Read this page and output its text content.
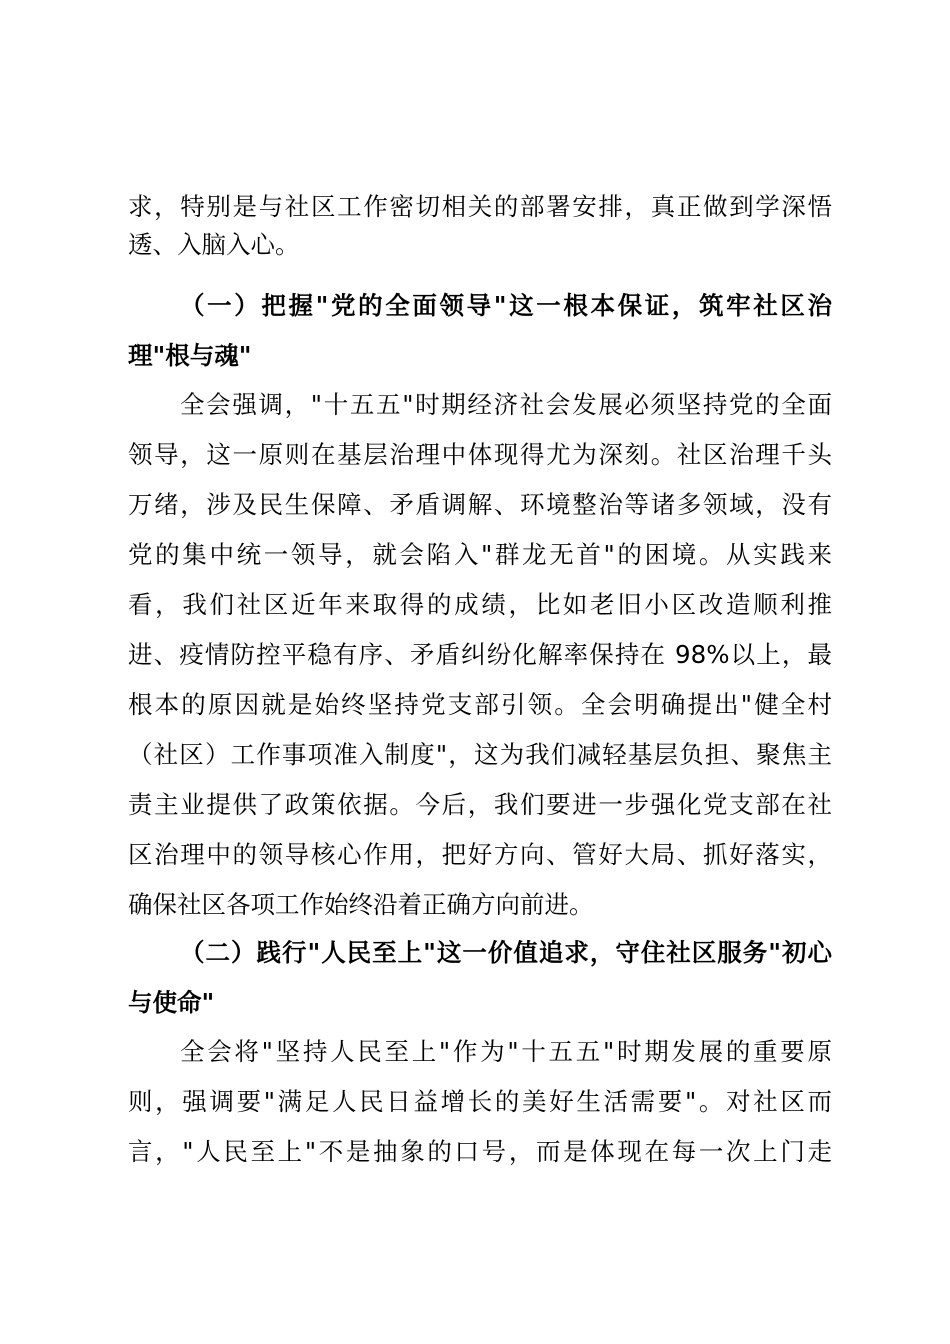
求，特别是与社区工作密切相关的部署安排，真正做到学深悟
透、入脑入心。
（一）把握"党的全面领导"这一根本保证，筑牢社区治
理"根与魂"
全会强调，"十五五"时期经济社会发展必须坚持党的全面
领导，这一原则在基层治理中体现得尤为深刻。社区治理千头
万绪，涉及民生保障、矛盾调解、环境整治等诸多领域，没有
党的集中统一领导，就会陷入"群龙无首"的困境。从实践来
看，我们社区近年来取得的成绩，比如老旧小区改造顺利推
进、疫情防控平稳有序、矛盾纠纷化解率保持在 98%以上，最
根本的原因就是始终坚持党支部引领。全会明确提出"健全村
（社区）工作事项准入制度"，这为我们减轻基层负担、聚焦主
责主业提供了政策依据。今后，我们要进一步强化党支部在社
区治理中的领导核心作用，把好方向、管好大局、抓好落实，
确保社区各项工作始终沿着正确方向前进。
（二）践行"人民至上"这一价值追求，守住社区服务"初心
与使命"
全会将"坚持人民至上"作为"十五五"时期发展的重要原
则，强调要"满足人民日益增长的美好生活需要"。对社区而
言，"人民至上"不是抽象的口号，而是体现在每一次上门走
